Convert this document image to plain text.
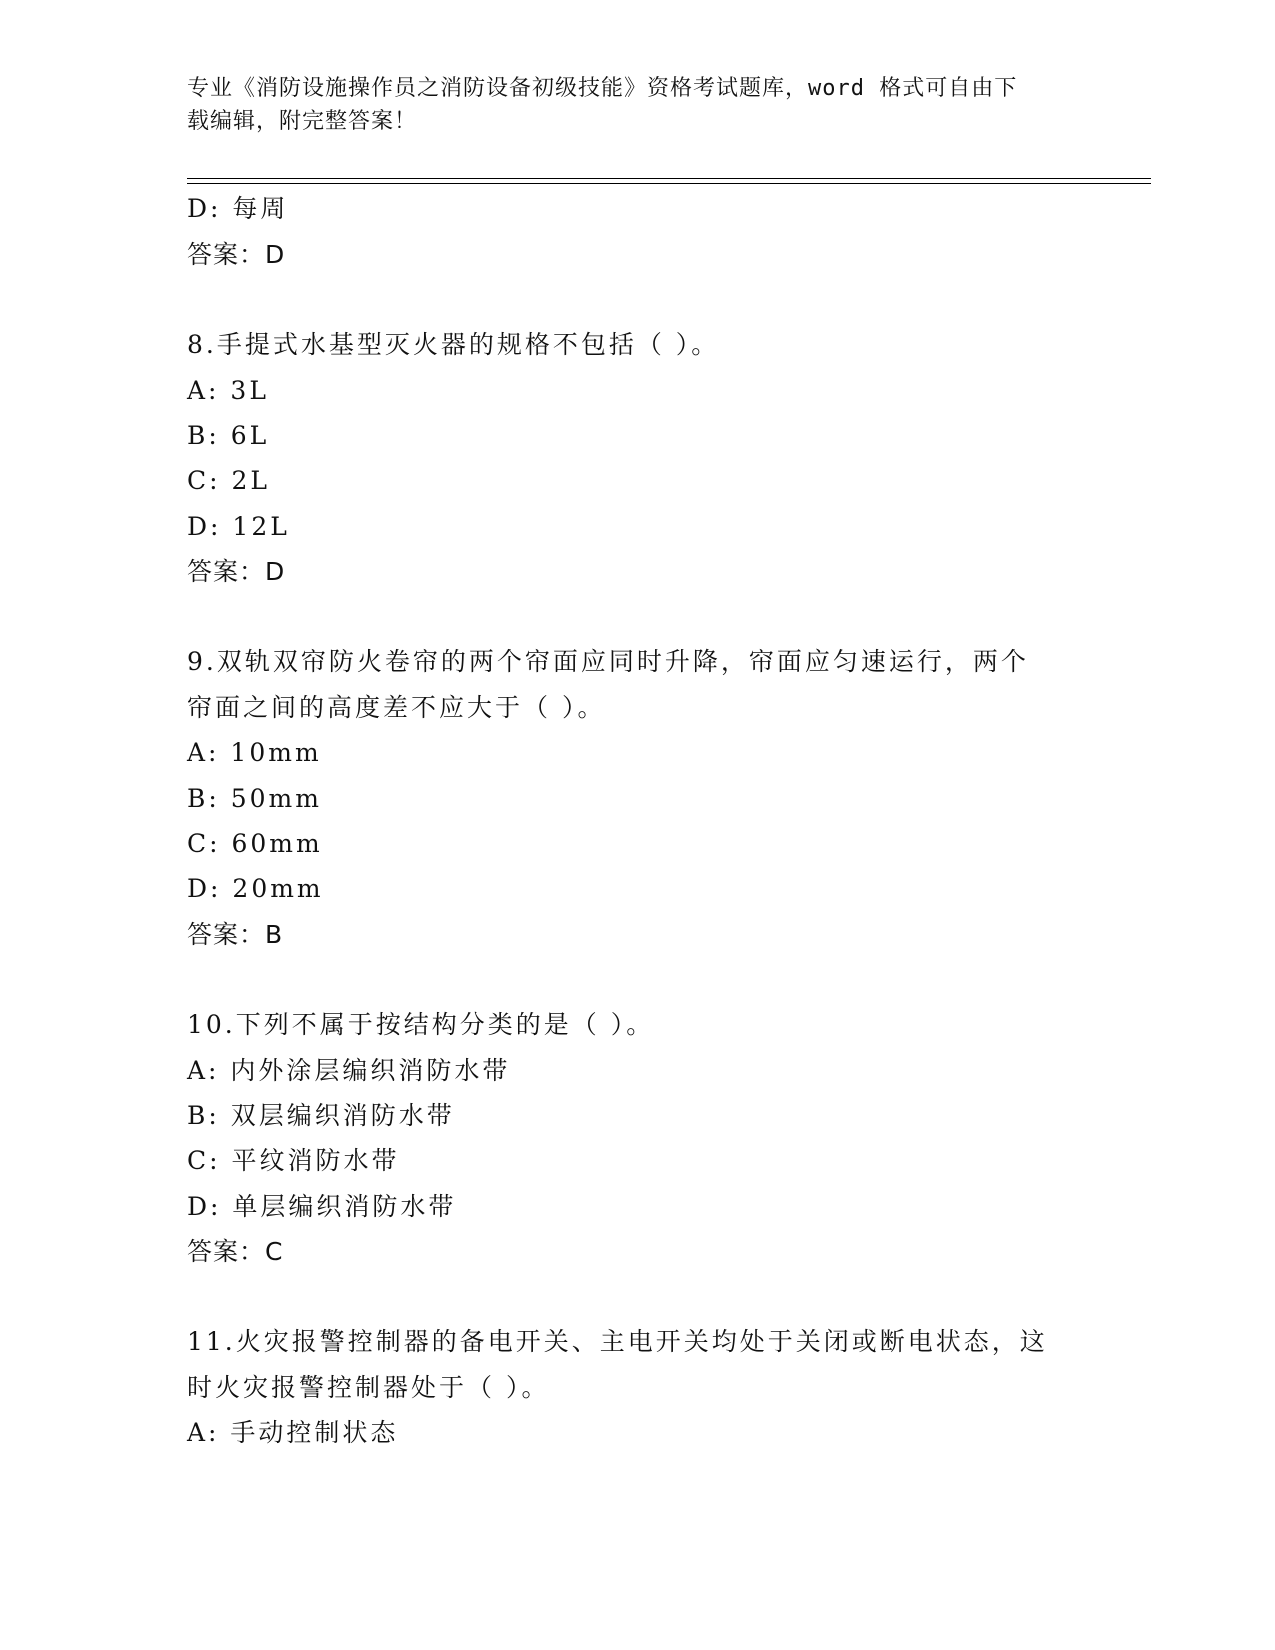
专业《消防设施操作员之消防设备初级技能》资格考试题库，word 格式可自由下
载编辑，附完整答案！
D: 每周
答案：D
8.手提式水基型灭火器的规格不包括（ ）。
A: 3L
B: 6L
C: 2L
D: 12L
答案：D
9.双轨双帘防火卷帘的两个帘面应同时升降，帘面应匀速运行，两个
帘面之间的高度差不应大于（ ）。
A: 10mm
B: 50mm
C: 60mm
D: 20mm
答案：B
10.下列不属于按结构分类的是（ ）。
A: 内外涂层编织消防水带
B: 双层编织消防水带
C: 平纹消防水带
D: 单层编织消防水带
答案：C
11.火灾报警控制器的备电开关、主电开关均处于关闭或断电状态，这
时火灾报警控制器处于（ ）。
A: 手动控制状态
